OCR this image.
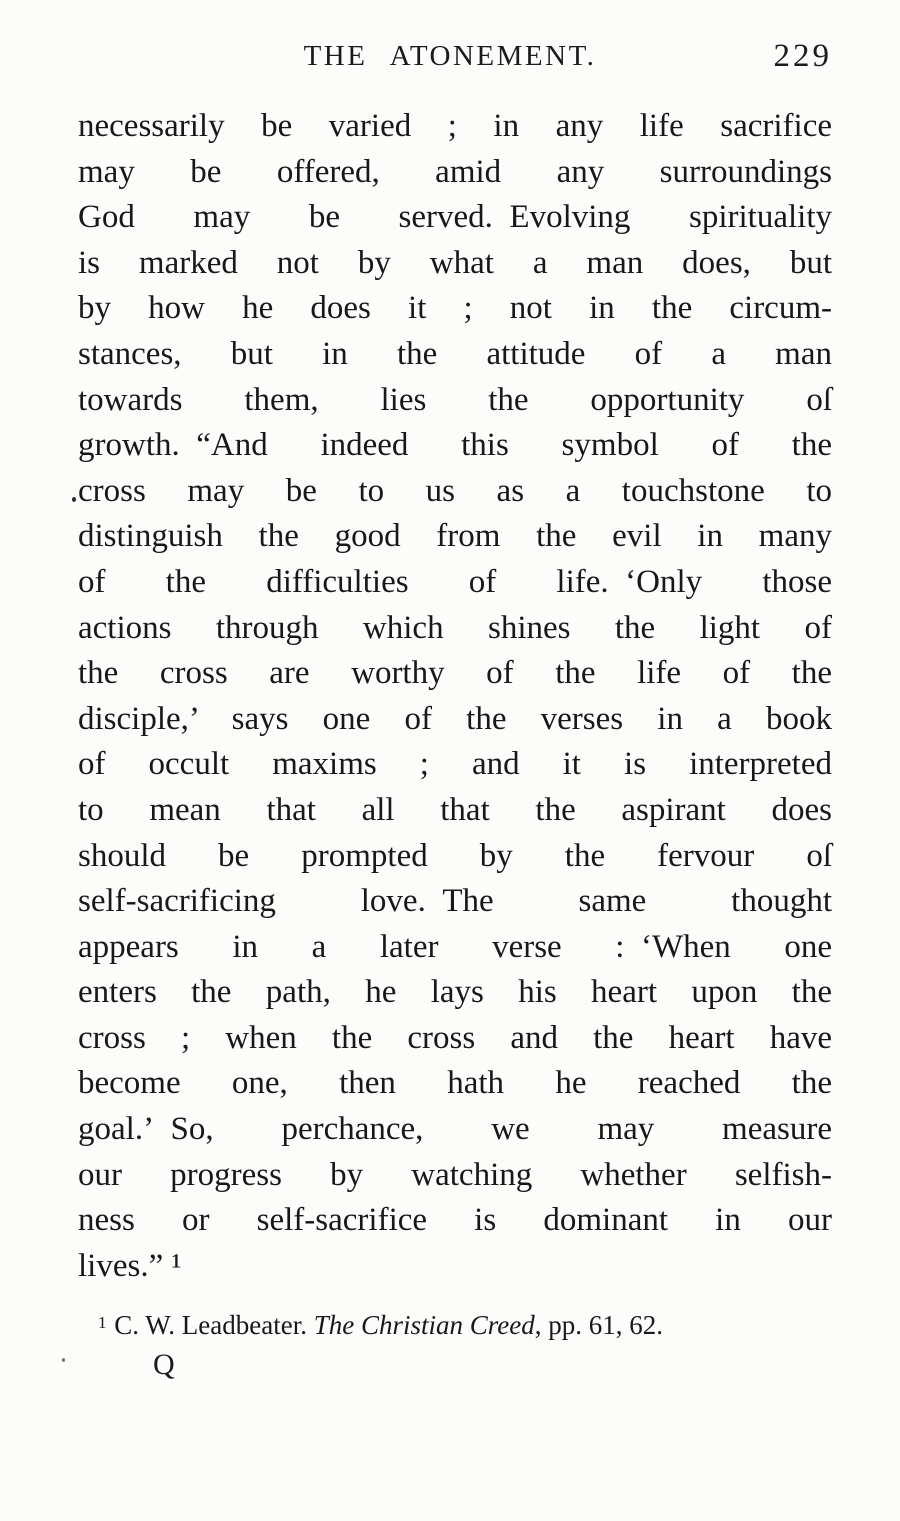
THE ATONEMENT.	229
necessarily be varied ; in any life sacrifice
may be offered, amid any surroundings
God may be served. Evolving spirituality
is marked not by what a man does, but
by how he does it ; not in the circum-
stances, but in the attitude of a man
towards them, lies the opportunity oſ
growth. “And indeed this symbol of the
cross may be to us as a touchstone to
distinguish the good from the evil in many
of the difficulties of life. ‘Only those
actions through which shines the light of
the cross are worthy of the life of the
disciple,’ says one of the verses in a book
of occult maxims ; and it is interpreted
to mean that all that the aspirant does
should be prompted by the fervour oſ
self-sacrificing love. The same thought
appears in a later verse : ‘When one
enters the path, he lays his heart upon the
cross ; when the cross and the heart have
become one, then hath he reached the
goal.’ So, perchance, we may measure
our progress by watching whether selfish-
ness or self-sacrifice is dominant in our
lives.” ¹
$^1$ C. W. Leadbeater. The Christian Creed, pp. 61, 62.
Q
